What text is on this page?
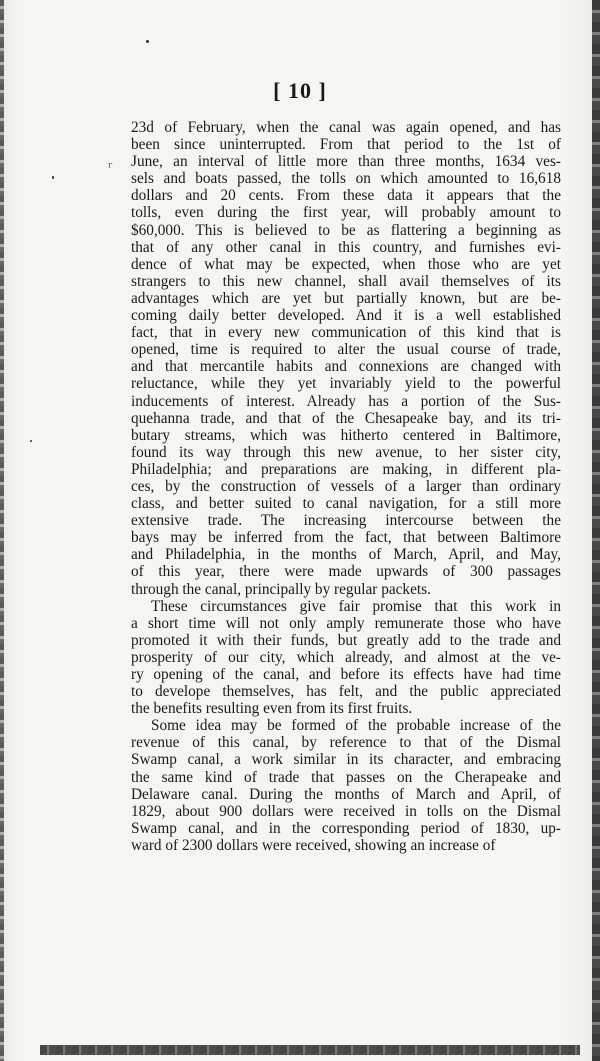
[ 10 ]
ʳ

23d of February, when the canal was again opened, and has
been since uninterrupted. From that period to the 1st of
June, an interval of little more than three months, 1634 ves-
sels and boats passed, the tolls on which amounted to 16,618
dollars and 20 cents. From these data it appears that the
tolls, even during the first year, will probably amount to
$60,000. This is believed to be as flattering a beginning as
that of any other canal in this country, and furnishes evi-
dence of what may be expected, when those who are yet
strangers to this new channel, shall avail themselves of its
advantages which are yet but partially known, but are be-
coming daily better developed. And it is a well established
fact, that in every new communication of this kind that is
opened, time is required to alter the usual course of trade,
and that mercantile habits and connexions are changed with
reluctance, while they yet invariably yield to the powerful
inducements of interest. Already has a portion of the Sus-
quehanna trade, and that of the Chesapeake bay, and its tri-
butary streams, which was hitherto centered in Baltimore,
found its way through this new avenue, to her sister city,
Philadelphia; and preparations are making, in different pla-
ces, by the construction of vessels of a larger than ordinary
class, and better suited to canal navigation, for a still more
extensive trade. The increasing intercourse between the
bays may be inferred from the fact, that between Baltimore
and Philadelphia, in the months of March, April, and May,
of this year, there were made upwards of 300 passages
through the canal, principally by regular packets.

These circumstances give fair promise that this work in
a short time will not only amply remunerate those who have
promoted it with their funds, but greatly add to the trade and
prosperity of our city, which already, and almost at the ve-
ry opening of the canal, and before its effects have had time
to develope themselves, has felt, and the public appreciated
the benefits resulting even from its first fruits.

Some idea may be formed of the probable increase of the
revenue of this canal, by reference to that of the Dismal
Swamp canal, a work similar in its character, and embracing
the same kind of trade that passes on the Cherapeake and
Delaware canal. During the months of March and April, of
1829, about 900 dollars were received in tolls on the Dismal
Swamp canal, and in the corresponding period of 1830, up-
ward of 2300 dollars were received, showing an increase of
